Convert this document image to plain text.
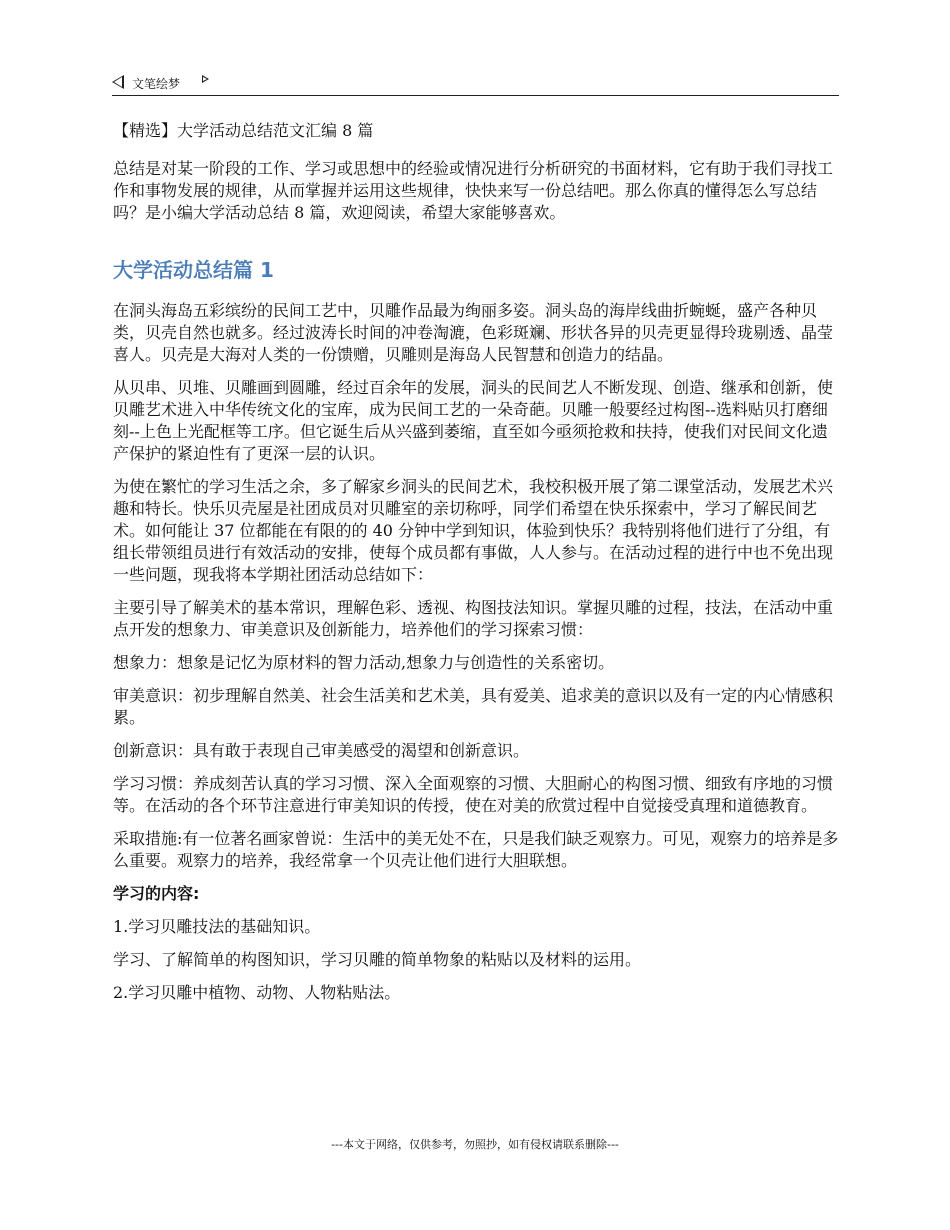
文笔绘梦

【精选】大学活动总结范文汇编 8 篇

总结是对某一阶段的工作、学习或思想中的经验或情况进行分析研究的书面材料，它有助于我们寻找工作和事物发展的规律，从而掌握并运用这些规律，快快来写一份总结吧。那么你真的懂得怎么写总结吗？是小编大学活动总结 8 篇，欢迎阅读，希望大家能够喜欢。

大学活动总结篇 1

在洞头海岛五彩缤纷的民间工艺中，贝雕作品最为绚丽多姿。洞头岛的海岸线曲折蜿蜒，盛产各种贝类，贝壳自然也就多。经过波涛长时间的冲卷淘漉，色彩斑斓、形状各异的贝壳更显得玲珑剔透、晶莹喜人。贝壳是大海对人类的一份馈赠，贝雕则是海岛人民智慧和创造力的结晶。

从贝串、贝堆、贝雕画到圆雕，经过百余年的发展，洞头的民间艺人不断发现、创造、继承和创新，使贝雕艺术进入中华传统文化的宝库，成为民间工艺的一朵奇葩。贝雕一般要经过构图--选料贴贝打磨细刻--上色上光配框等工序。但它诞生后从兴盛到萎缩，直至如今亟须抢救和扶持，使我们对民间文化遗产保护的紧迫性有了更深一层的认识。

为使在繁忙的学习生活之余，多了解家乡洞头的民间艺术，我校积极开展了第二课堂活动，发展艺术兴趣和特长。快乐贝壳屋是社团成员对贝雕室的亲切称呼，同学们希望在快乐探索中，学习了解民间艺术。如何能让 37 位都能在有限的的 40 分钟中学到知识，体验到快乐？我特别将他们进行了分组，有组长带领组员进行有效活动的安排，使每个成员都有事做，人人参与。在活动过程的进行中也不免出现一些问题，现我将本学期社团活动总结如下：

主要引导了解美术的基本常识，理解色彩、透视、构图技法知识。掌握贝雕的过程，技法，在活动中重点开发的想象力、审美意识及创新能力，培养他们的学习探索习惯：

想象力：想象是记忆为原材料的智力活动,想象力与创造性的关系密切。

审美意识：初步理解自然美、社会生活美和艺术美，具有爱美、追求美的意识以及有一定的内心情感积累。

创新意识：具有敢于表现自己审美感受的渴望和创新意识。

学习习惯：养成刻苦认真的学习习惯、深入全面观察的习惯、大胆耐心的构图习惯、细致有序地的习惯等。在活动的各个环节注意进行审美知识的传授，使在对美的欣赏过程中自觉接受真理和道德教育。

采取措施:有一位著名画家曾说：生活中的美无处不在，只是我们缺乏观察力。可见，观察力的培养是多么重要。观察力的培养，我经常拿一个贝壳让他们进行大胆联想。

学习的内容:

1.学习贝雕技法的基础知识。

学习、了解简单的构图知识，学习贝雕的简单物象的粘贴以及材料的运用。

2.学习贝雕中植物、动物、人物粘贴法。

---本文于网络，仅供参考，勿照抄，如有侵权请联系删除---
